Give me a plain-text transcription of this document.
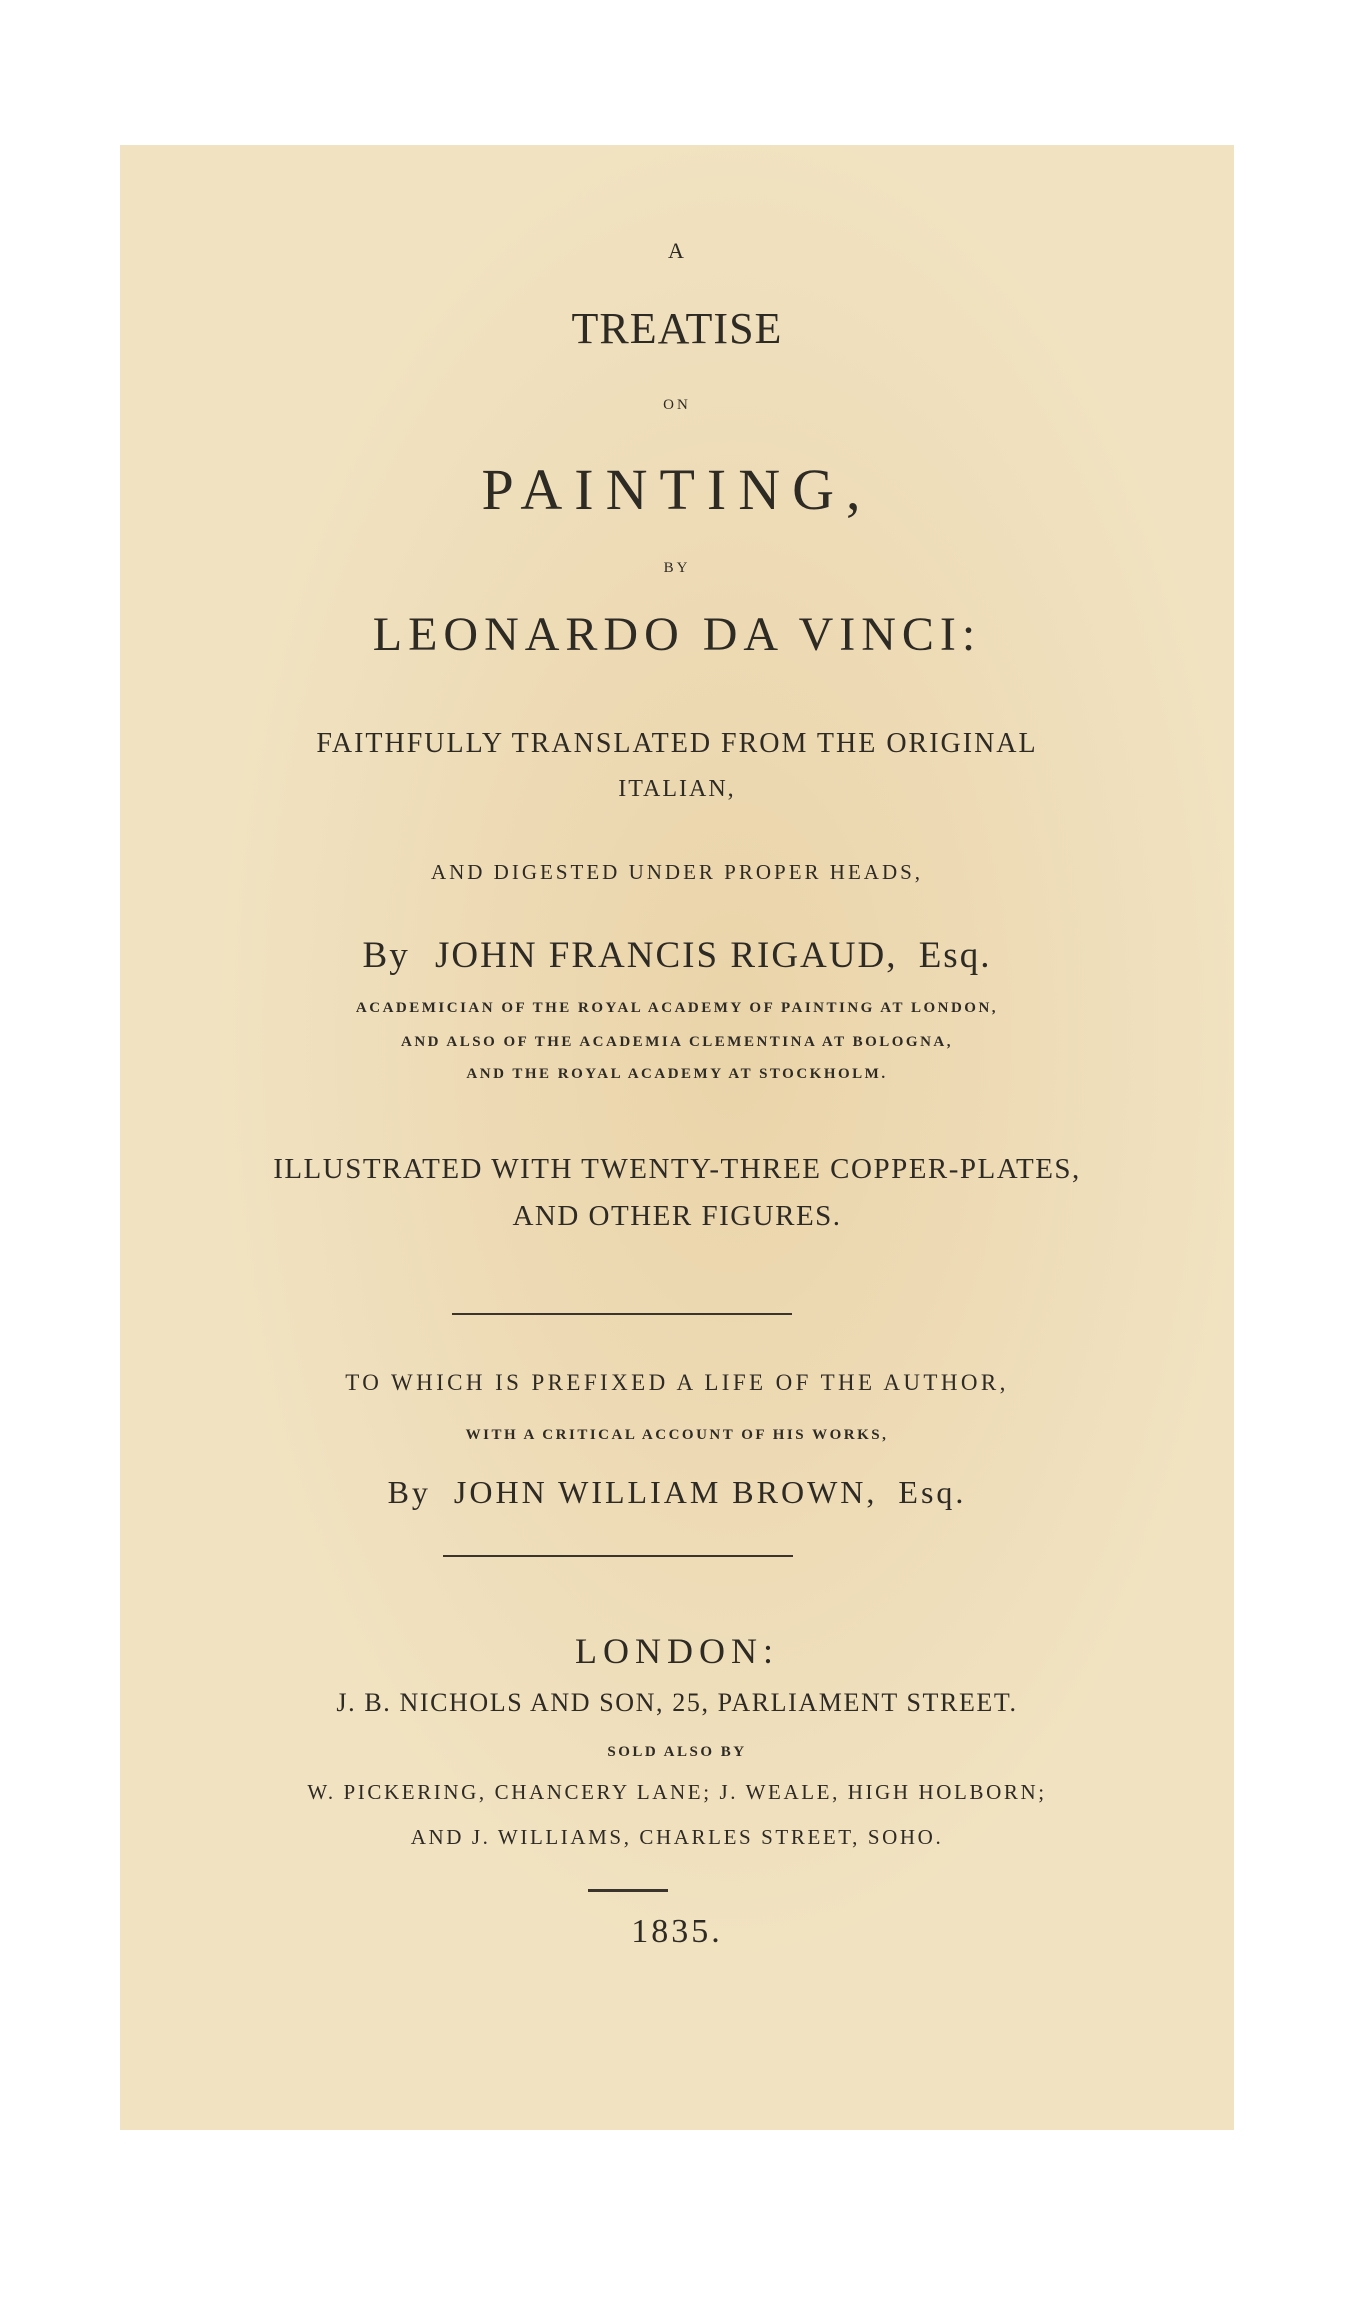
A
TREATISE
ON
PAINTING,
BY
LEONARDO DA VINCI:
FAITHFULLY TRANSLATED FROM THE ORIGINAL
ITALIAN,
AND DIGESTED UNDER PROPER HEADS,
By JOHN FRANCIS RIGAUD, Esq.
ACADEMICIAN OF THE ROYAL ACADEMY OF PAINTING AT LONDON,
AND ALSO OF THE ACADEMIA CLEMENTINA AT BOLOGNA,
AND THE ROYAL ACADEMY AT STOCKHOLM.
ILLUSTRATED WITH TWENTY-THREE COPPER-PLATES,
AND OTHER FIGURES.
TO WHICH IS PREFIXED A LIFE OF THE AUTHOR,
WITH A CRITICAL ACCOUNT OF HIS WORKS,
By JOHN WILLIAM BROWN, Esq.
LONDON:
J. B. NICHOLS AND SON, 25, PARLIAMENT STREET.
SOLD ALSO BY
W. PICKERING, CHANCERY LANE; J. WEALE, HIGH HOLBORN;
AND J. WILLIAMS, CHARLES STREET, SOHO.
1835.
